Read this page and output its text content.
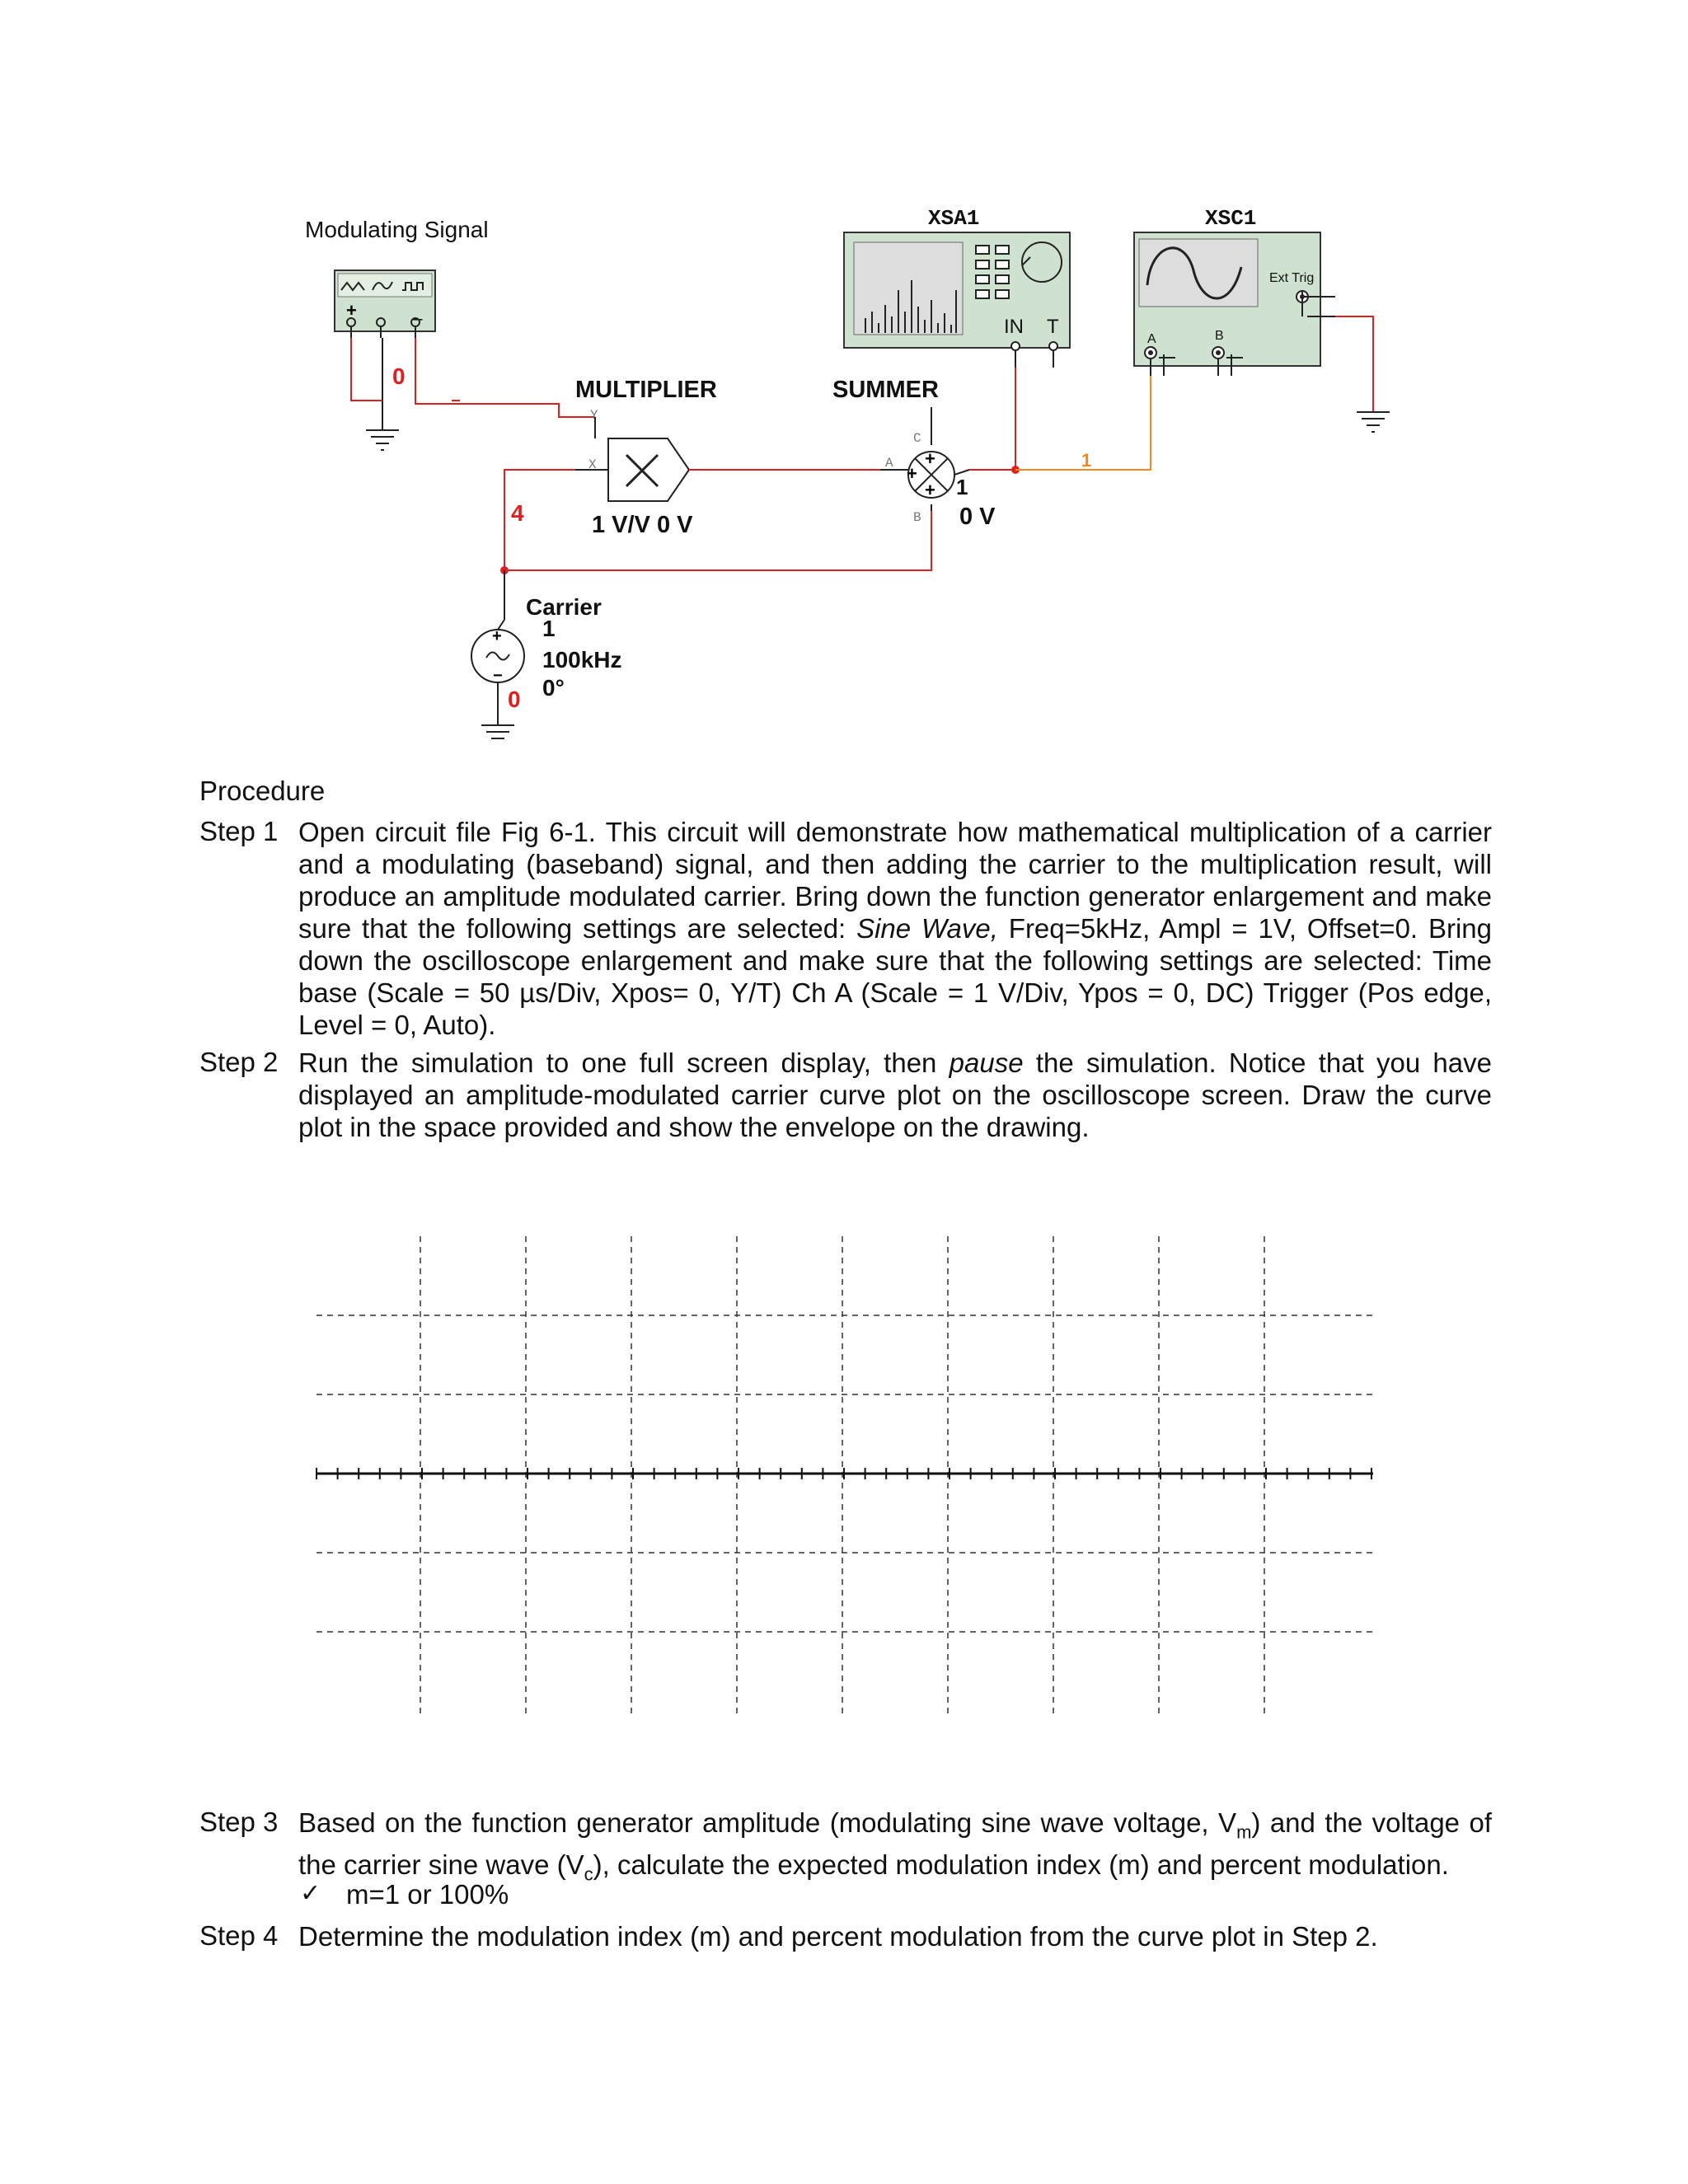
Modulating Signal
+	_
0
MULTIPLIER
Y
X
1 V/V 0 V
4
SUMMER
C
+
+
+
A
B
1
0 V
1
XSA1
IN T
XSC1
Ext Trig
A	B
+
−
0
Carrier
1
100kHz
0°
Procedure
Step 1 Open circuit file Fig 6-1. This circuit will demonstrate how mathematical multiplication of a carrier and a modulating (baseband) signal, and then adding the carrier to the multiplication result, will produce an amplitude modulated carrier. Bring down the function generator enlargement and make sure that the following settings are selected: Sine Wave, Freq=5kHz, Ampl = 1V, Offset=0. Bring down the oscilloscope enlargement and make sure that the following settings are selected: Time base (Scale = 50 µs/Div, Xpos= 0, Y/T) Ch A (Scale = 1 V/Div, Ypos = 0, DC) Trigger (Pos edge, Level = 0, Auto).
Step 2 Run the simulation to one full screen display, then pause the simulation. Notice that you have displayed an amplitude-modulated carrier curve plot on the oscilloscope screen. Draw the curve plot in the space provided and show the envelope on the drawing.
Step 3 Based on the function generator amplitude (modulating sine wave voltage, $V_m$) and the voltage of the carrier sine wave $(V_c)$, calculate the expected modulation index (m) and percent modulation.
✓ m=1 or 100%
Step 4 Determine the modulation index (m) and percent modulation from the curve plot in Step 2.
